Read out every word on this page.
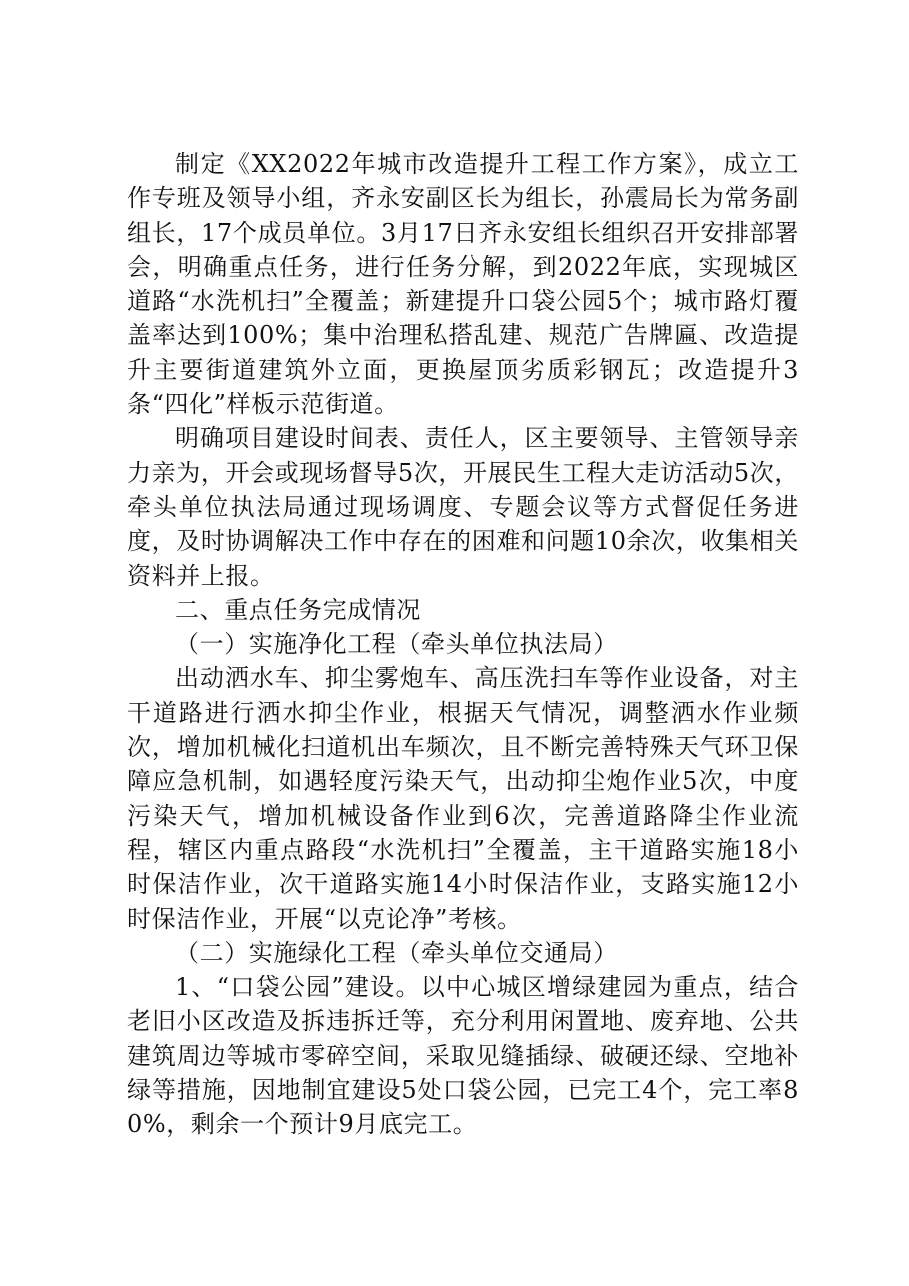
制定《XX2022年城市改造提升工程工作方案》，成立工作专班及领导小组，齐永安副区长为组长，孙震局长为常务副组长，17个成员单位。3月17日齐永安组长组织召开安排部署会，明确重点任务，进行任务分解，到2022年底，实现城区道路“水洗机扫”全覆盖；新建提升口袋公园5个；城市路灯覆盖率达到100%；集中治理私搭乱建、规范广告牌匾、改造提升主要街道建筑外立面，更换屋顶劣质彩钢瓦；改造提升3条“四化”样板示范街道。

明确项目建设时间表、责任人，区主要领导、主管领导亲力亲为，开会或现场督导5次，开展民生工程大走访活动5次，牵头单位执法局通过现场调度、专题会议等方式督促任务进度，及时协调解决工作中存在的困难和问题10余次，收集相关资料并上报。

二、重点任务完成情况

（一）实施净化工程（牵头单位执法局）

出动洒水车、抑尘雾炮车、高压洗扫车等作业设备，对主干道路进行洒水抑尘作业，根据天气情况，调整洒水作业频次，增加机械化扫道机出车频次，且不断完善特殊天气环卫保障应急机制，如遇轻度污染天气，出动抑尘炮作业5次，中度污染天气，增加机械设备作业到6次，完善道路降尘作业流程，辖区内重点路段“水洗机扫”全覆盖，主干道路实施18小时保洁作业，次干道路实施14小时保洁作业，支路实施12小时保洁作业，开展“以克论净”考核。

（二）实施绿化工程（牵头单位交通局）

1、“口袋公园”建设。以中心城区增绿建园为重点，结合老旧小区改造及拆违拆迁等，充分利用闲置地、废弃地、公共建筑周边等城市零碎空间，采取见缝插绿、破硬还绿、空地补绿等措施，因地制宜建设5处口袋公园，已完工4个，完工率80%，剩余一个预计9月底完工。
